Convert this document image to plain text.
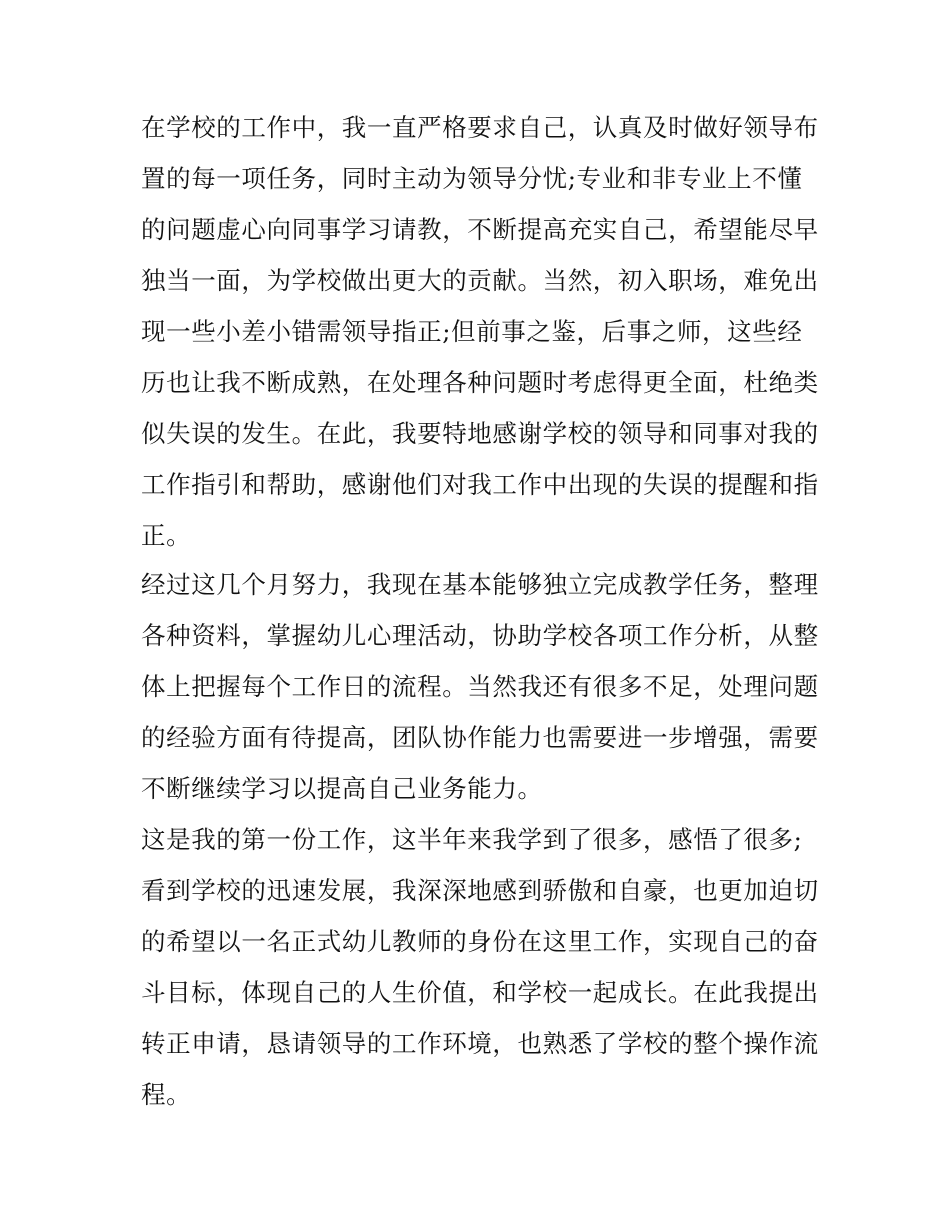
在学校的工作中，我一直严格要求自己，认真及时做好领导布
置的每一项任务，同时主动为领导分忧;专业和非专业上不懂
的问题虚心向同事学习请教，不断提高充实自己，希望能尽早
独当一面，为学校做出更大的贡献。当然，初入职场，难免出
现一些小差小错需领导指正;但前事之鉴，后事之师，这些经
历也让我不断成熟，在处理各种问题时考虑得更全面，杜绝类
似失误的发生。在此，我要特地感谢学校的领导和同事对我的
工作指引和帮助，感谢他们对我工作中出现的失误的提醒和指
正。
经过这几个月努力，我现在基本能够独立完成教学任务，整理
各种资料，掌握幼儿心理活动，协助学校各项工作分析，从整
体上把握每个工作日的流程。当然我还有很多不足，处理问题
的经验方面有待提高，团队协作能力也需要进一步增强，需要
不断继续学习以提高自己业务能力。
这是我的第一份工作，这半年来我学到了很多，感悟了很多;
看到学校的迅速发展，我深深地感到骄傲和自豪，也更加迫切
的希望以一名正式幼儿教师的身份在这里工作，实现自己的奋
斗目标，体现自己的人生价值，和学校一起成长。在此我提出
转正申请，恳请领导的工作环境，也熟悉了学校的整个操作流
程。
